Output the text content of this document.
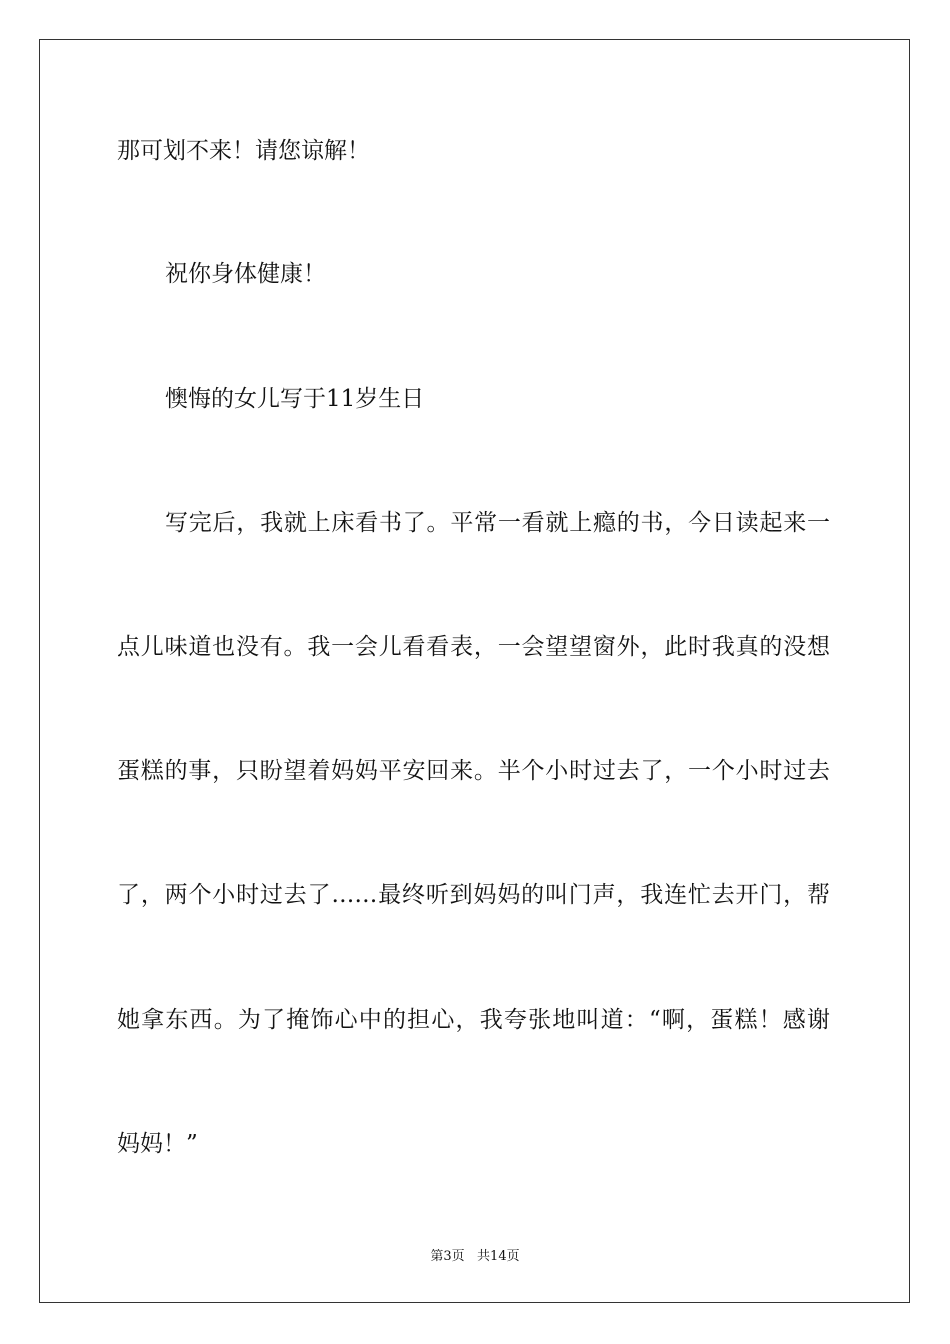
那可划不来！请您谅解！
祝你身体健康！
懊悔的女儿写于11岁生日
写完后，我就上床看书了。平常一看就上瘾的书，今日读起来一
点儿味道也没有。我一会儿看看表，一会望望窗外，此时我真的没想
蛋糕的事，只盼望着妈妈平安回来。半个小时过去了，一个小时过去
了，两个小时过去了……最终听到妈妈的叫门声，我连忙去开门，帮
她拿东西。为了掩饰心中的担心，我夸张地叫道：“啊，蛋糕！感谢
妈妈！”
第3页   共14页
